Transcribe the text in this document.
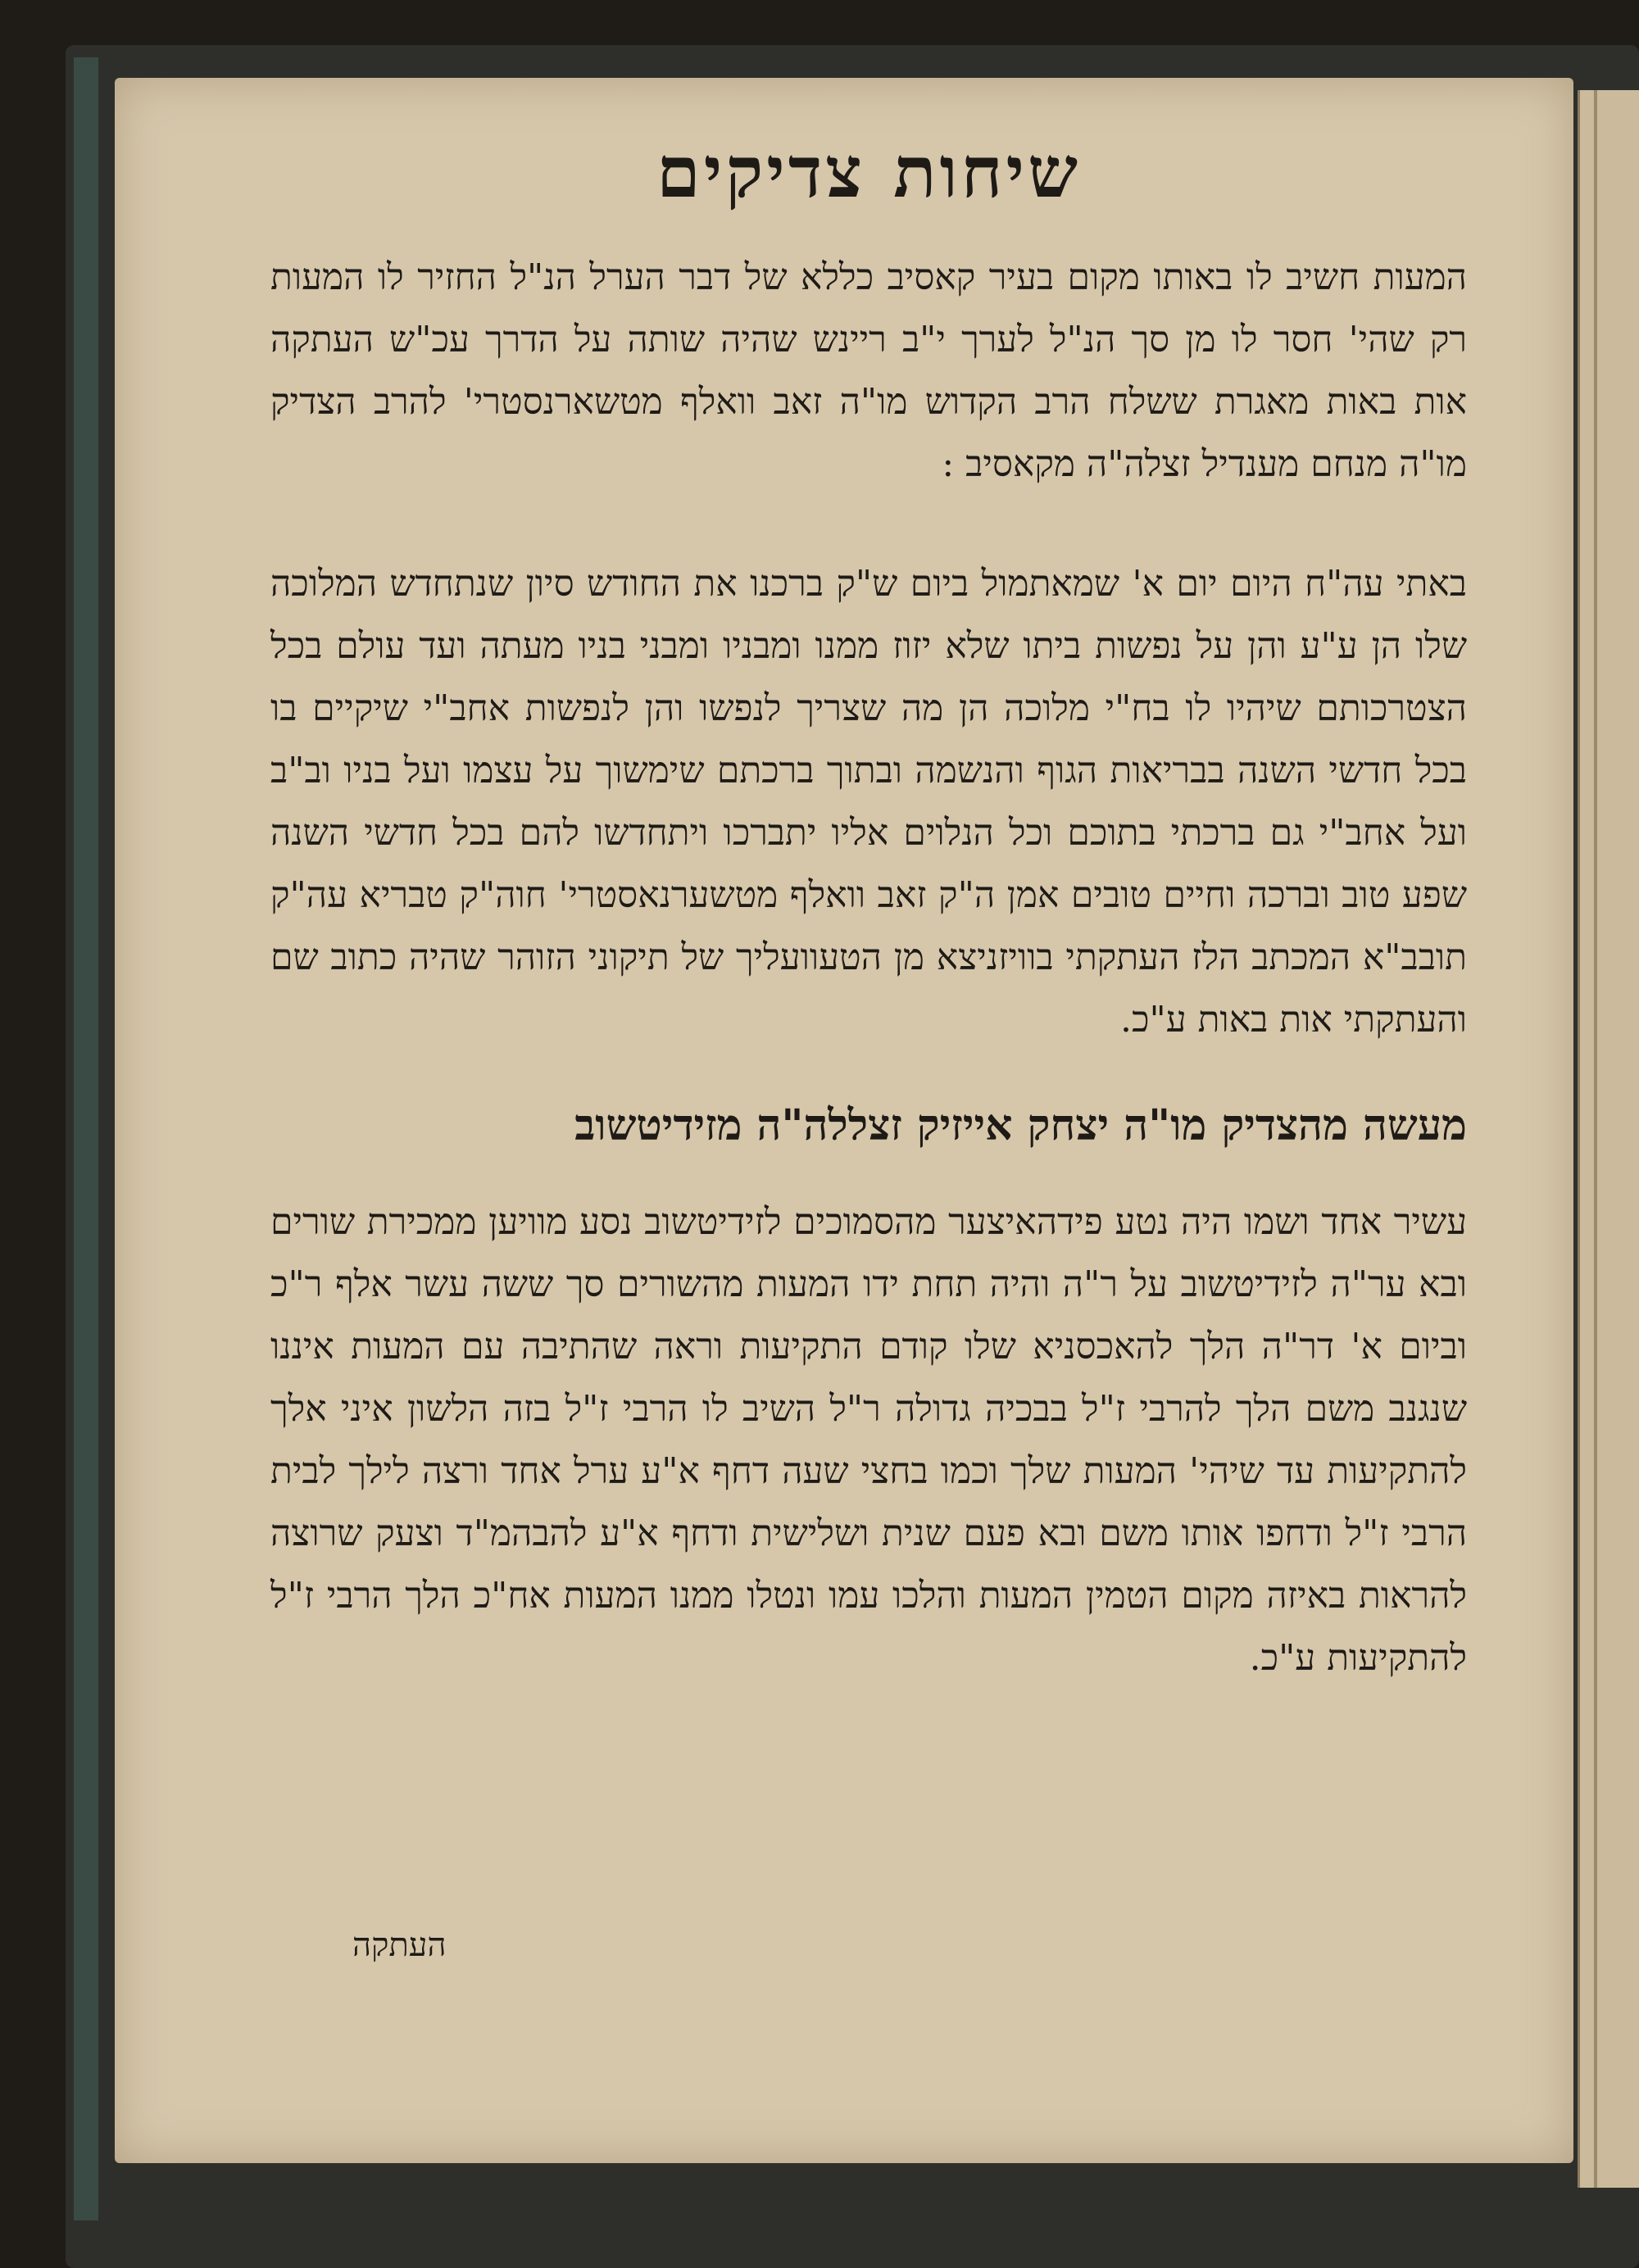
שיחות צדיקים

המעות חשיב לו באותו מקום בעיר קאסיב כללא של דבר הערל הנ"ל החזיר לו המעות רק שהי' חסר לו מן סך הנ"ל לערך י"ב ריינש שהיה שותה על הדרך עכ"ש העתקה אות באות מאגרת ששלח הרב הקדוש מו"ה זאב וואלף מטשארנסטרי' להרב הצדיק מו"ה מנחם מענדיל זצלה"ה מקאסיב :

באתי עה"ח היום יום א' שמאתמול ביום ש"ק ברכנו את החודש סיון שנתחדש המלוכה שלו הן ע"ע והן על נפשות ביתו שלא יזוז ממנו ומבניו ומבני בניו מעתה ועד עולם בכל הצטרכותם שיהיו לו בח"י מלוכה הן מה שצריך לנפשו והן לנפשות אחב"י שיקיים בו בכל חדשי השנה בבריאות הגוף והנשמה ובתוך ברכתם שימשוך על עצמו ועל בניו וב"ב ועל אחב"י גם ברכתי בתוכם וכל הנלוים אליו יתברכו ויתחדשו להם בכל חדשי השנה שפע טוב וברכה וחיים טובים אמן ה"ק זאב וואלף מטשערנאסטרי' חוה"ק טבריא עה"ק תובב"א המכתב הלז העתקתי בוויזניצא מן הטעוועליך של תיקוני הזוהר שהיה כתוב שם והעתקתי אות באות ע"כ.

מעשה מהצדיק מו"ה יצחק אייזיק זצללה"ה מזידיטשוב

עשיר אחד ושמו היה נטע פידהאיצער מהסמוכים לזידיטשוב נסע מוויען ממכירת שורים ובא ער"ה לזידיטשוב על ר"ה והיה תחת ידו המעות מהשורים סך ששה עשר אלף ר"כ וביום א' דר"ה הלך להאכסניא שלו קודם התקיעות וראה שהתיבה עם המעות איננו שנגנב משם הלך להרבי ז"ל בבכיה גדולה ר"ל השיב לו הרבי ז"ל בזה הלשון איני אלך להתקיעות עד שיהי' המעות שלך וכמו בחצי שעה דחף א"ע ערל אחד ורצה לילך לבית הרבי ז"ל ודחפו אותו משם ובא פעם שנית ושלישית ודחף א"ע להבהמ"ד וצעק שרוצה להראות באיזה מקום הטמין המעות והלכו עמו ונטלו ממנו המעות אח"כ הלך הרבי ז"ל להתקיעות ע"כ.

העתקה
